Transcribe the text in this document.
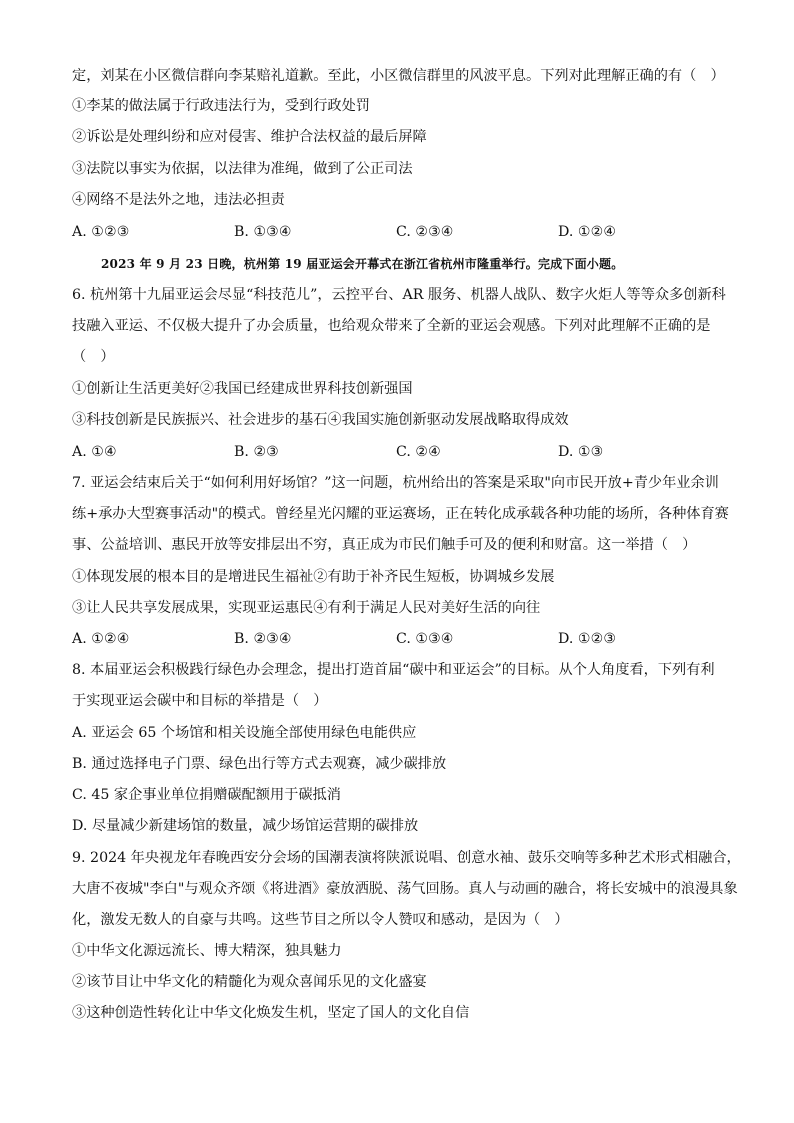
定，刘某在小区微信群向李某赔礼道歉。至此，小区微信群里的风波平息。下列对此理解正确的有（　）
①李某的做法属于行政违法行为，受到行政处罚
②诉讼是处理纠纷和应对侵害、维护合法权益的最后屏障
③法院以事实为依据，以法律为准绳，做到了公正司法
④网络不是法外之地，违法必担责
A. ①②③	B. ①③④	C. ②③④	D. ①②④
2023 年 9 月 23 日晚，杭州第 19 届亚运会开幕式在浙江省杭州市隆重举行。完成下面小题。
6. 杭州第十九届亚运会尽显“科技范儿”，云控平台、AR 服务、机器人战队、数字火炬人等等众多创新科
技融入亚运、不仅极大提升了办会质量，也给观众带来了全新的亚运会观感。下列对此理解不正确的是
（　）
①创新让生活更美好②我国已经建成世界科技创新强国
③科技创新是民族振兴、社会进步的基石④我国实施创新驱动发展战略取得成效
A. ①④	B. ②③	C. ②④	D. ①③
7. 亚运会结束后关于“如何利用好场馆？”这一问题，杭州给出的答案是采取"向市民开放+青少年业余训
练+承办大型赛事活动"的模式。曾经星光闪耀的亚运赛场，正在转化成承载各种功能的场所，各种体育赛
事、公益培训、惠民开放等安排层出不穷，真正成为市民们触手可及的便利和财富。这一举措（　）
①体现发展的根本目的是增进民生福祉②有助于补齐民生短板，协调城乡发展
③让人民共享发展成果，实现亚运惠民④有利于满足人民对美好生活的向往
A. ①②④	B. ②③④	C. ①③④	D. ①②③
8. 本届亚运会积极践行绿色办会理念，提出打造首届“碳中和亚运会”的目标。从个人角度看，下列有利
于实现亚运会碳中和目标的举措是（　）
A. 亚运会 65 个场馆和相关设施全部使用绿色电能供应
B. 通过选择电子门票、绿色出行等方式去观赛，减少碳排放
C. 45 家企事业单位捐赠碳配额用于碳抵消
D. 尽量减少新建场馆的数量，减少场馆运营期的碳排放
9. 2024 年央视龙年春晚西安分会场的国潮表演将陕派说唱、创意水袖、鼓乐交响等多种艺术形式相融合，
大唐不夜城"李白"与观众齐颂《将进酒》豪放洒脱、荡气回肠。真人与动画的融合，将长安城中的浪漫具象
化，激发无数人的自豪与共鸣。这些节目之所以令人赞叹和感动，是因为（　）
①中华文化源远流长、博大精深，独具魅力
②该节目让中华文化的精髓化为观众喜闻乐见的文化盛宴
③这种创造性转化让中华文化焕发生机，坚定了国人的文化自信
